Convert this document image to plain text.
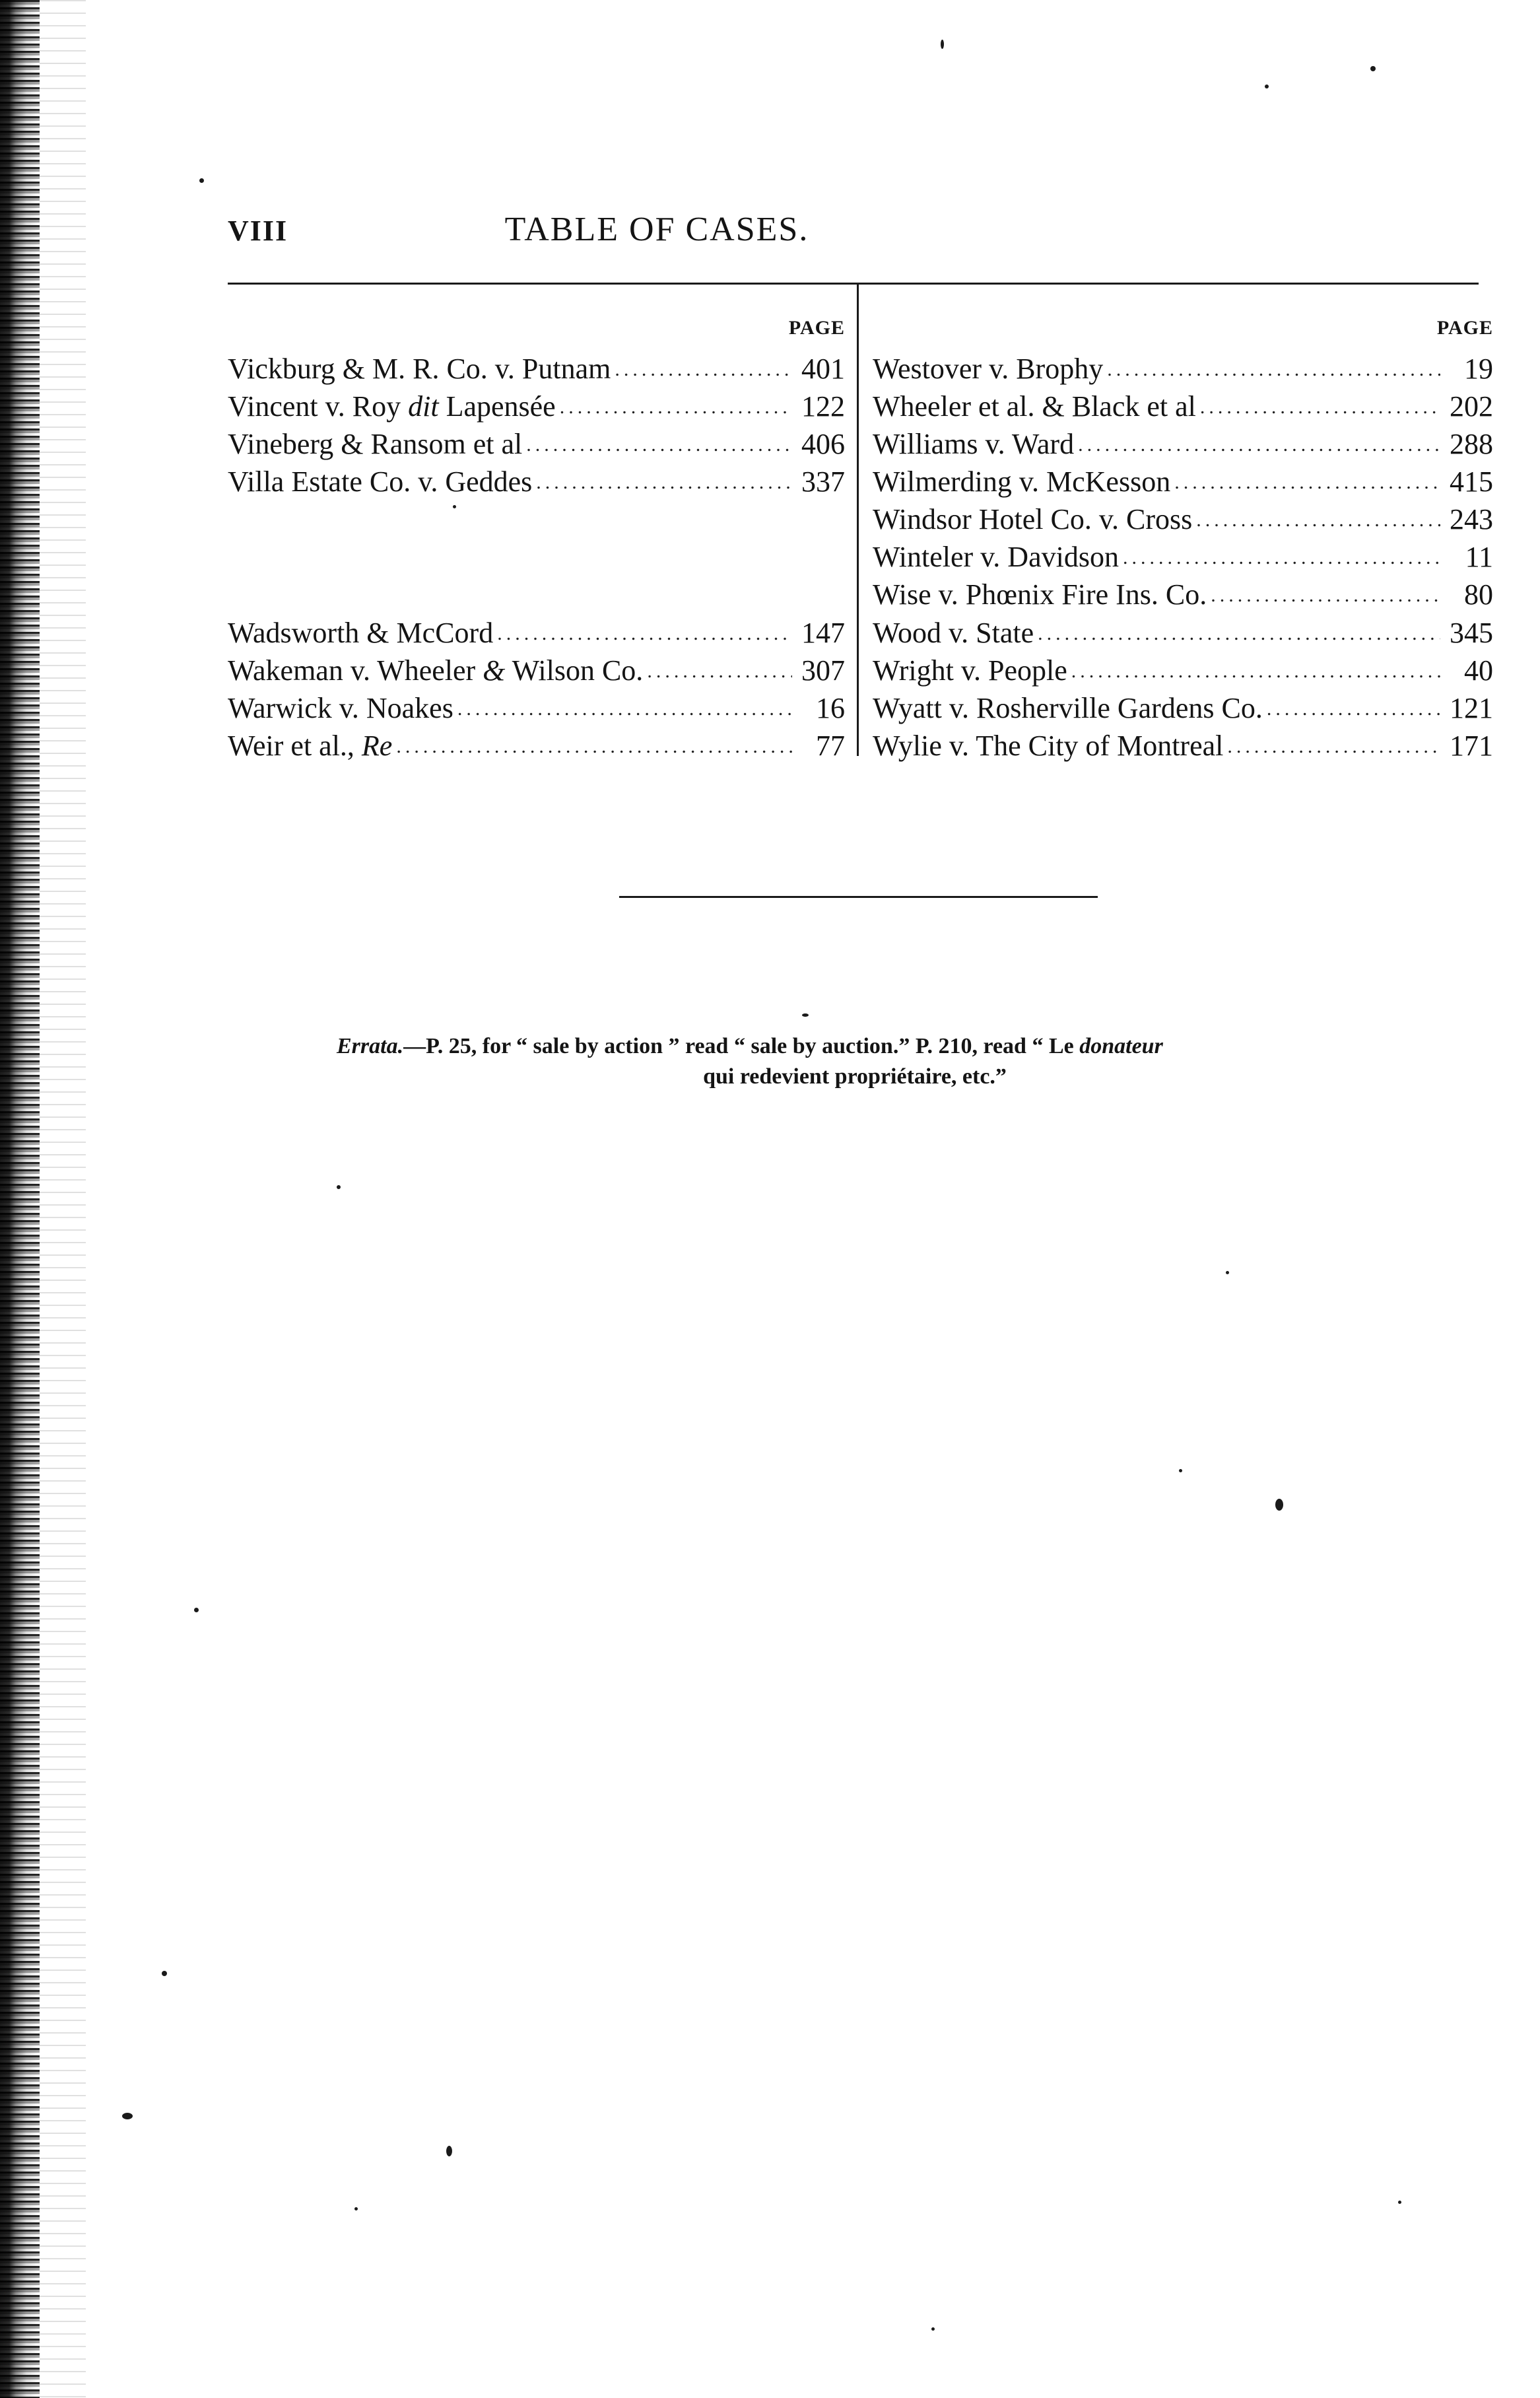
VIII	TABLE OF CASES.
PAGE
Vickburg & M. R. Co. v. Putnam .....	401
Vincent v. Roy dit Lapensée .....	122
Vineberg & Ransom et al .....	406
Villa Estate Co. v. Geddes .....	337
Wadsworth & McCord .....	147
Wakeman v. Wheeler & Wilson Co. .....	307
Warwick v. Noakes .....	16
Weir et al., Re .....	77
PAGE
Westover v. Brophy .....	19
Wheeler et al. & Black et al .....	202
Williams v. Ward .....	288
Wilmerding v. McKesson .....	415
Windsor Hotel Co. v. Cross .....	243
Winteler v. Davidson .....	11
Wise v. Phœnix Fire Ins. Co. .....	80
Wood v. State .....	345
Wright v. People .....	40
Wyatt v. Rosherville Gardens Co. .....	121
Wylie v. The City of Montreal .....	171
Errata.—P. 25, for “ sale by action ” read “ sale by auction.” P. 210, read “ Le donateur
qui redevient propriétaire, etc.”
